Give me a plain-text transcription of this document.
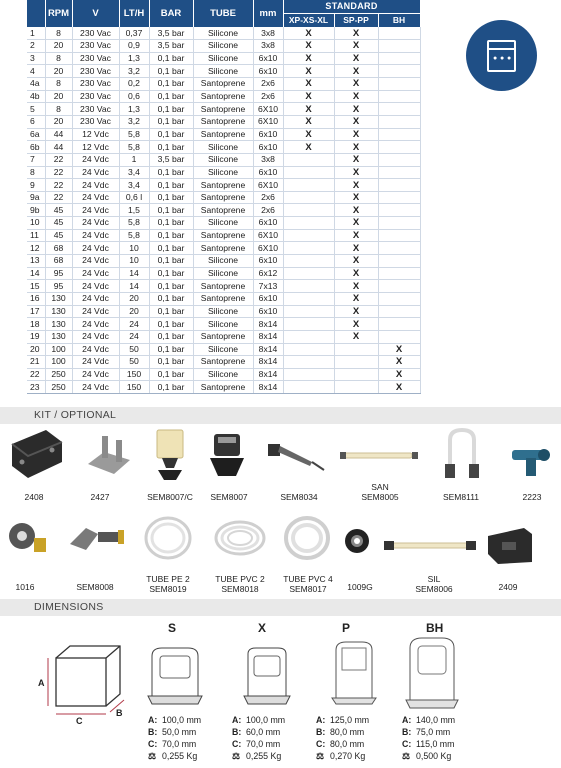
	RPM	V	LT/H	BAR	TUBE	mm	STANDARD		
							XP-XS-XL	SP-PP	BH
1	8	230 Vac	0,37	3,5 bar	Silicone	3x8	X	X	
2	20	230 Vac	0,9	3,5 bar	Silicone	3x8	X	X	
3	8	230 Vac	1,3	0,1 bar	Silicone	6x10	X	X	
4	20	230 Vac	3,2	0,1 bar	Silicone	6x10	X	X	
4a	8	230 Vac	0,2	0,1 bar	Santoprene	2x6	X	X	
4b	20	230 Vac	0,6	0,1 bar	Santoprene	2x6	X	X	
5	8	230 Vac	1,3	0,1 bar	Santoprene	6X10	X	X	
6	20	230 Vac	3,2	0,1 bar	Santoprene	6X10	X	X	
6a	44	12 Vdc	5,8	0,1 bar	Santoprene	6x10	X	X	
6b	44	12 Vdc	5,8	0,1 bar	Silicone	6x10	X	X	
7	22	24 Vdc	1	3,5 bar	Silicone	3x8		X	
8	22	24 Vdc	3,4	0,1 bar	Silicone	6x10		X	
9	22	24 Vdc	3,4	0,1 bar	Santoprene	6X10		X	
9a	22	24 Vdc	0,6 l	0,1 bar	Santoprene	2x6		X	
9b	45	24 Vdc	1,5	0,1 bar	Santoprene	2x6		X	
10	45	24 Vdc	5,8	0,1 bar	Silicone	6x10		X	
11	45	24 Vdc	5,8	0,1 bar	Santoprene	6X10		X	
12	68	24 Vdc	10	0,1 bar	Santoprene	6X10		X	
13	68	24 Vdc	10	0,1 bar	Silicone	6x10		X	
14	95	24 Vdc	14	0,1 bar	Silicone	6x12		X	
15	95	24 Vdc	14	0,1 bar	Santoprene	7x13		X	
16	130	24 Vdc	20	0,1 bar	Santoprene	6x10		X	
17	130	24 Vdc	20	0,1 bar	Silicone	6x10		X	
18	130	24 Vdc	24	0,1 bar	Silicone	8x14		X	
19	130	24 Vdc	24	0,1 bar	Santoprene	8x14		X	
20	100	24 Vdc	50	0,1 bar	Silicone	8x14			X
21	100	24 Vdc	50	0,1 bar	Santoprene	8x14			X
22	250	24 Vdc	150	0,1 bar	Silicone	8x14			X
23	250	24 Vdc	150	0,1 bar	Santoprene	8x14			X
● ● ●
KIT / OPTIONAL
2408	2427	SEM8007/C	SEM8007	SEM8034
SAN
SEM8005	SEM8111	2223
1016	SEM8008
TUBE PE 2
SEM8019
TUBE PVC 2
SEM8018
TUBE PVC 4
SEM8017	1009G
SIL
SEM8006	2409
DIMENSIONS
A
C
B
S
A: 100,0 mm
B: 50,0 mm
C: 70,0 mm
⚖ 0,255 Kg
X
A: 100,0 mm
B: 60,0 mm
C: 70,0 mm
⚖ 0,255 Kg
P
A: 125,0 mm
B: 80,0 mm
C: 80,0 mm
⚖ 0,270 Kg
BH
A: 140,0 mm
B: 75,0 mm
C: 115,0 mm
⚖ 0,500 Kg
